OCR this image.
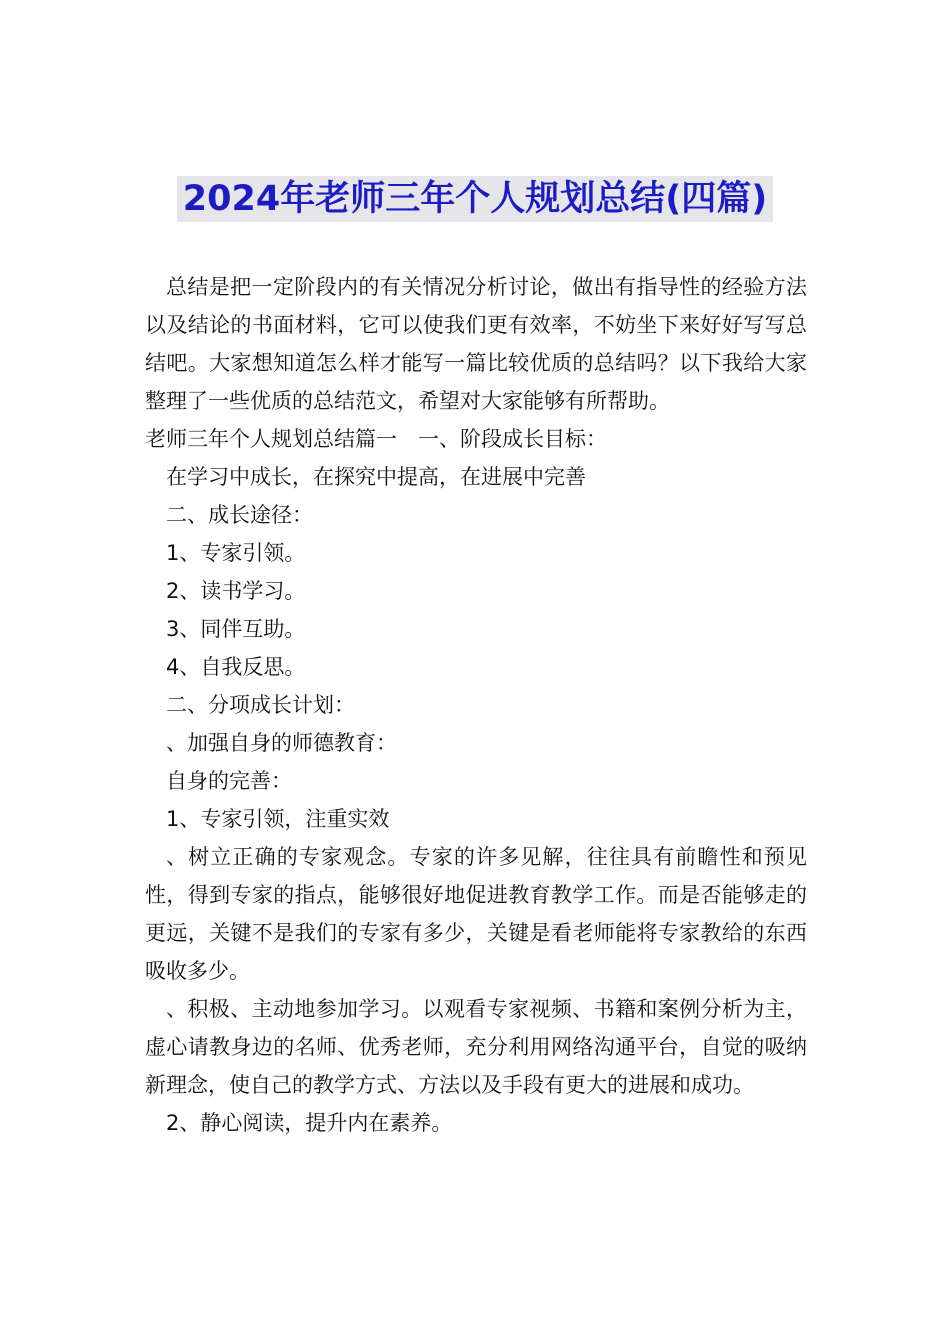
2024年老师三年个人规划总结(四篇)

总结是把一定阶段内的有关情况分析讨论，做出有指导性的经验方法以及结论的书面材料，它可以使我们更有效率，不妨坐下来好好写写总结吧。大家想知道怎么样才能写一篇比较优质的总结吗？以下我给大家整理了一些优质的总结范文，希望对大家能够有所帮助。

老师三年个人规划总结篇一　一、阶段成长目标：

在学习中成长，在探究中提高，在进展中完善

二、成长途径：

1、专家引领。

2、读书学习。

3、同伴互助。

4、自我反思。

二、分项成长计划：

、加强自身的师德教育：

自身的完善：

1、专家引领，注重实效

、树立正确的专家观念。专家的许多见解，往往具有前瞻性和预见性，得到专家的指点，能够很好地促进教育教学工作。而是否能够走的更远，关键不是我们的专家有多少，关键是看老师能将专家教给的东西吸收多少。

、积极、主动地参加学习。以观看专家视频、书籍和案例分析为主，虚心请教身边的名师、优秀老师，充分利用网络沟通平台，自觉的吸纳新理念，使自己的教学方式、方法以及手段有更大的进展和成功。

2、静心阅读，提升内在素养。
